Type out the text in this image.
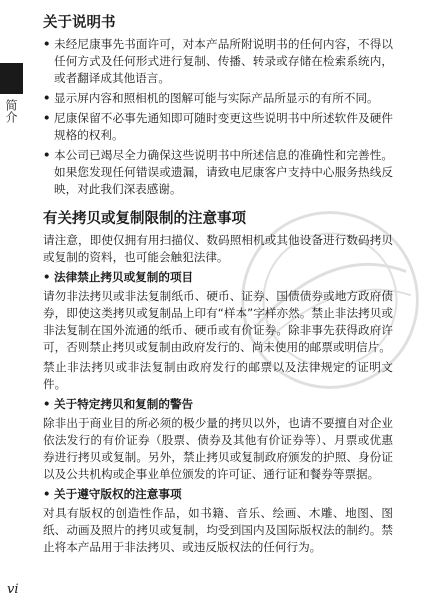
简介
关于说明书
• 未经尼康事先书面许可，对本产品所附说明书的任何内容，不得以任何方式及任何形式进行复制、传播、转录或存储在检索系统内，或者翻译成其他语言。
• 显示屏内容和照相机的图解可能与实际产品所显示的有所不同。
• 尼康保留不必事先通知即可随时变更这些说明书中所述软件及硬件规格的权利。
• 本公司已竭尽全力确保这些说明书中所述信息的准确性和完善性。如果您发现任何错误或遗漏，请致电尼康客户支持中心服务热线反映，对此我们深表感谢。
有关拷贝或复制限制的注意事项

请注意，即使仅拥有用扫描仪、数码照相机或其他设备进行数码拷贝或复制的资料，也可能会触犯法律。

• 法律禁止拷贝或复制的项目

请勿非法拷贝或非法复制纸币、硬币、证券、国债债券或地方政府债券，即使这类拷贝或复制品上印有“样本”字样亦然。禁止非法拷贝或非法复制在国外流通的纸币、硬币或有价证券。除非事先获得政府许可，否则禁止拷贝或复制由政府发行的、尚未使用的邮票或明信片。

禁止非法拷贝或非法复制由政府发行的邮票以及法律规定的证明文件。

• 关于特定拷贝和复制的警告

除非出于商业目的所必须的极少量的拷贝以外，也请不要擅自对企业依法发行的有价证券（股票、债券及其他有价证券等）、月票或优惠券进行拷贝或复制。另外，禁止拷贝或复制政府颁发的护照、身份证以及公共机构或企事业单位颁发的许可证、通行证和餐券等票据。

• 关于遵守版权的注意事项

对具有版权的创造性作品，如书籍、音乐、绘画、木雕、地图、图纸、动画及照片的拷贝或复制，均受到国内及国际版权法的制约。禁止将本产品用于非法拷贝、或违反版权法的任何行为。

vi
